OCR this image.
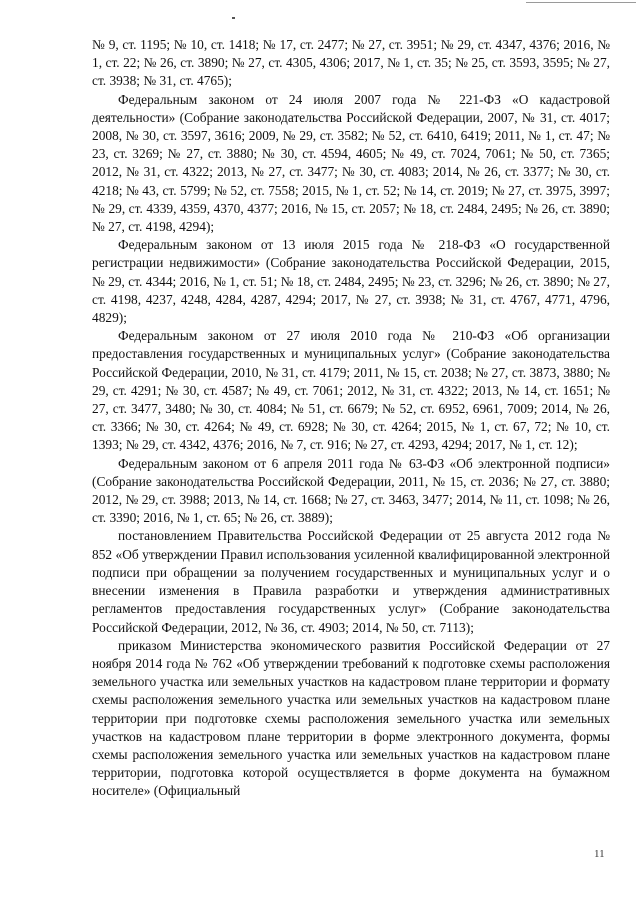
№ 9, ст. 1195; № 10, ст. 1418; № 17, ст. 2477; № 27, ст. 3951; № 29, ст. 4347, 4376; 2016, № 1, ст. 22; № 26, ст. 3890; № 27, ст. 4305, 4306; 2017, № 1, ст. 35; № 25, ст. 3593, 3595; № 27, ст. 3938; № 31, ст. 4765);

Федеральным законом от 24 июля 2007 года № 221-ФЗ «О кадастровой деятельности» (Собрание законодательства Российской Федерации, 2007, № 31, ст. 4017; 2008, № 30, ст. 3597, 3616; 2009, № 29, ст. 3582; № 52, ст. 6410, 6419; 2011, № 1, ст. 47; № 23, ст. 3269; № 27, ст. 3880; № 30, ст. 4594, 4605; № 49, ст. 7024, 7061; № 50, ст. 7365; 2012, № 31, ст. 4322; 2013, № 27, ст. 3477; № 30, ст. 4083; 2014, № 26, ст. 3377; № 30, ст. 4218; № 43, ст. 5799; № 52, ст. 7558; 2015, № 1, ст. 52; № 14, ст. 2019; № 27, ст. 3975, 3997; № 29, ст. 4339, 4359, 4370, 4377; 2016, № 15, ст. 2057; № 18, ст. 2484, 2495; № 26, ст. 3890; № 27, ст. 4198, 4294);

Федеральным законом от 13 июля 2015 года № 218-ФЗ «О государственной регистрации недвижимости» (Собрание законодательства Российской Федерации, 2015, № 29, ст. 4344; 2016, № 1, ст. 51; № 18, ст. 2484, 2495; № 23, ст. 3296; № 26, ст. 3890; № 27, ст. 4198, 4237, 4248, 4284, 4287, 4294; 2017, № 27, ст. 3938; № 31, ст. 4767, 4771, 4796, 4829);

Федеральным законом от 27 июля 2010 года № 210-ФЗ «Об организации предоставления государственных и муниципальных услуг» (Собрание законодательства Российской Федерации, 2010, № 31, ст. 4179; 2011, № 15, ст. 2038; № 27, ст. 3873, 3880; № 29, ст. 4291; № 30, ст. 4587; № 49, ст. 7061; 2012, № 31, ст. 4322; 2013, № 14, ст. 1651; № 27, ст. 3477, 3480; № 30, ст. 4084; № 51, ст. 6679; № 52, ст. 6952, 6961, 7009; 2014, № 26, ст. 3366; № 30, ст. 4264; № 49, ст. 6928; № 30, ст. 4264; 2015, № 1, ст. 67, 72; № 10, ст. 1393; № 29, ст. 4342, 4376; 2016, № 7, ст. 916; № 27, ст. 4293, 4294; 2017, № 1, ст. 12);

Федеральным законом от 6 апреля 2011 года № 63-ФЗ «Об электронной подписи» (Собрание законодательства Российской Федерации, 2011, № 15, ст. 2036; № 27, ст. 3880; 2012, № 29, ст. 3988; 2013, № 14, ст. 1668; № 27, ст. 3463, 3477; 2014, № 11, ст. 1098; № 26, ст. 3390; 2016, № 1, ст. 65; № 26, ст. 3889);

постановлением Правительства Российской Федерации от 25 августа 2012 года № 852 «Об утверждении Правил использования усиленной квалифицированной электронной подписи при обращении за получением государственных и муниципальных услуг и о внесении изменения в Правила разработки и утверждения административных регламентов предоставления государственных услуг» (Собрание законодательства Российской Федерации, 2012, № 36, ст. 4903; 2014, № 50, ст. 7113);

приказом Министерства экономического развития Российской Федерации от 27 ноября 2014 года № 762 «Об утверждении требований к подготовке схемы расположения земельного участка или земельных участков на кадастровом плане территории и формату схемы расположения земельного участка или земельных участков на кадастровом плане территории при подготовке схемы расположения земельного участка или земельных участков на кадастровом плане территории в форме электронного документа, формы схемы расположения земельного участка или земельных участков на кадастровом плане территории, подготовка которой осуществляется в форме документа на бумажном носителе» (Официальный

11
